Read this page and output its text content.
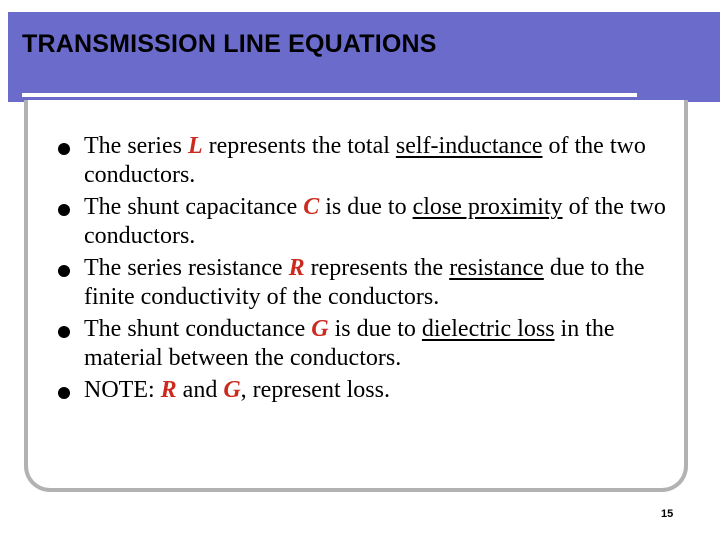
TRANSMISSION LINE EQUATIONS
The series L represents the total self-inductance of the two conductors.
The shunt capacitance C is due to close proximity of the two conductors.
The series resistance R represents the resistance due to the finite conductivity of the conductors.
The shunt conductance G is due to dielectric loss in the material between the conductors.
NOTE: R and G, represent loss.
15
